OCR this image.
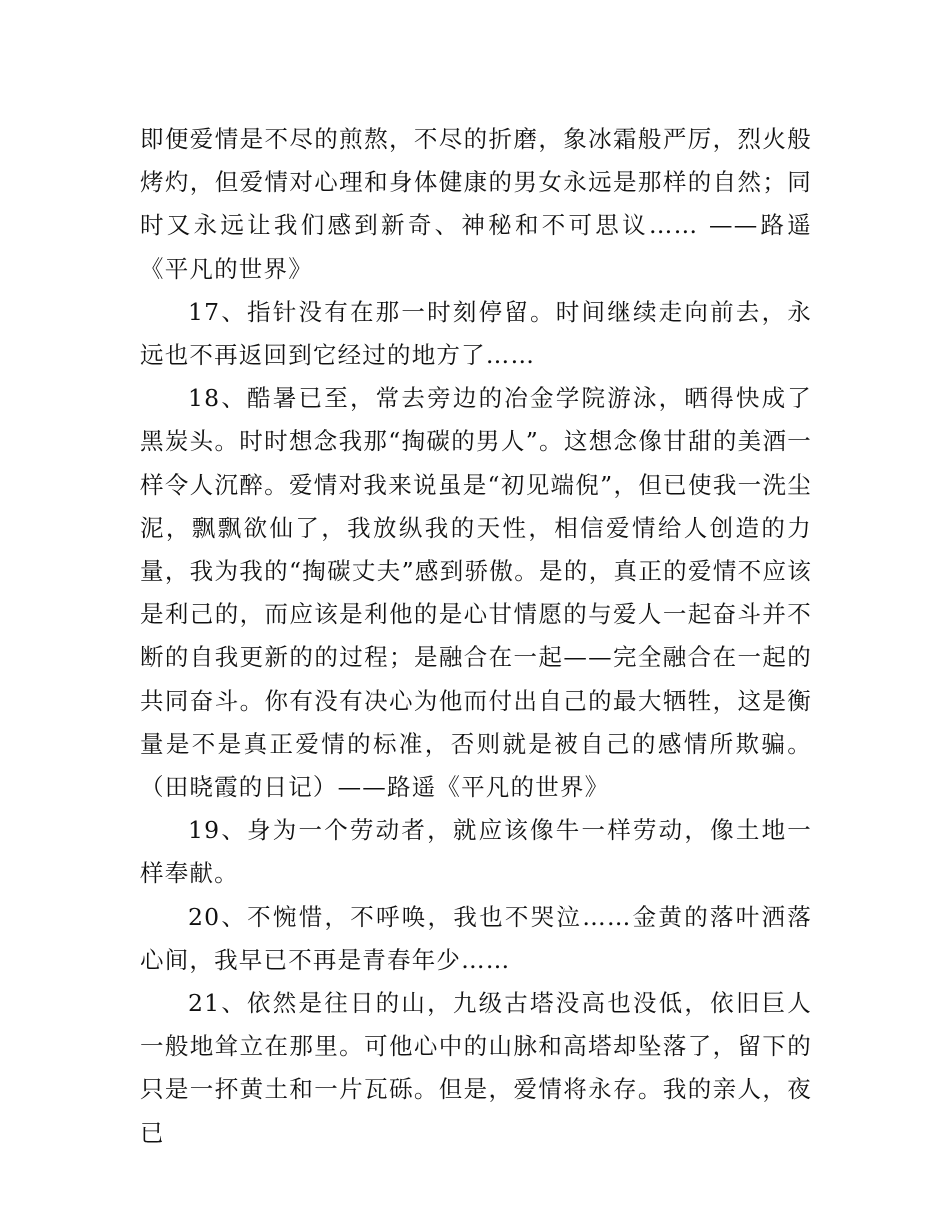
即便爱情是不尽的煎熬，不尽的折磨，象冰霜般严厉，烈火般烤灼，但爱情对心理和身体健康的男女永远是那样的自然；同时又永远让我们感到新奇、神秘和不可思议…… ——路遥《平凡的世界》

17、指针没有在那一时刻停留。时间继续走向前去，永远也不再返回到它经过的地方了……

18、酷暑已至，常去旁边的冶金学院游泳，晒得快成了黑炭头。时时想念我那“掏碳的男人”。这想念像甘甜的美酒一样令人沉醉。爱情对我来说虽是“初见端倪”，但已使我一洗尘泥，飘飘欲仙了，我放纵我的天性，相信爱情给人创造的力量，我为我的“掏碳丈夫”感到骄傲。是的，真正的爱情不应该是利己的，而应该是利他的是心甘情愿的与爱人一起奋斗并不断的自我更新的的过程；是融合在一起——完全融合在一起的共同奋斗。你有没有决心为他而付出自己的最大牺牲，这是衡量是不是真正爱情的标准，否则就是被自己的感情所欺骗。（田晓霞的日记）——路遥《平凡的世界》

19、身为一个劳动者，就应该像牛一样劳动，像土地一样奉献。

20、不惋惜，不呼唤，我也不哭泣……金黄的落叶洒落心间，我早已不再是青春年少……

21、依然是往日的山，九级古塔没高也没低，依旧巨人一般地耸立在那里。可他心中的山脉和高塔却坠落了，留下的只是一抔黄土和一片瓦砾。但是，爱情将永存。我的亲人，夜已
